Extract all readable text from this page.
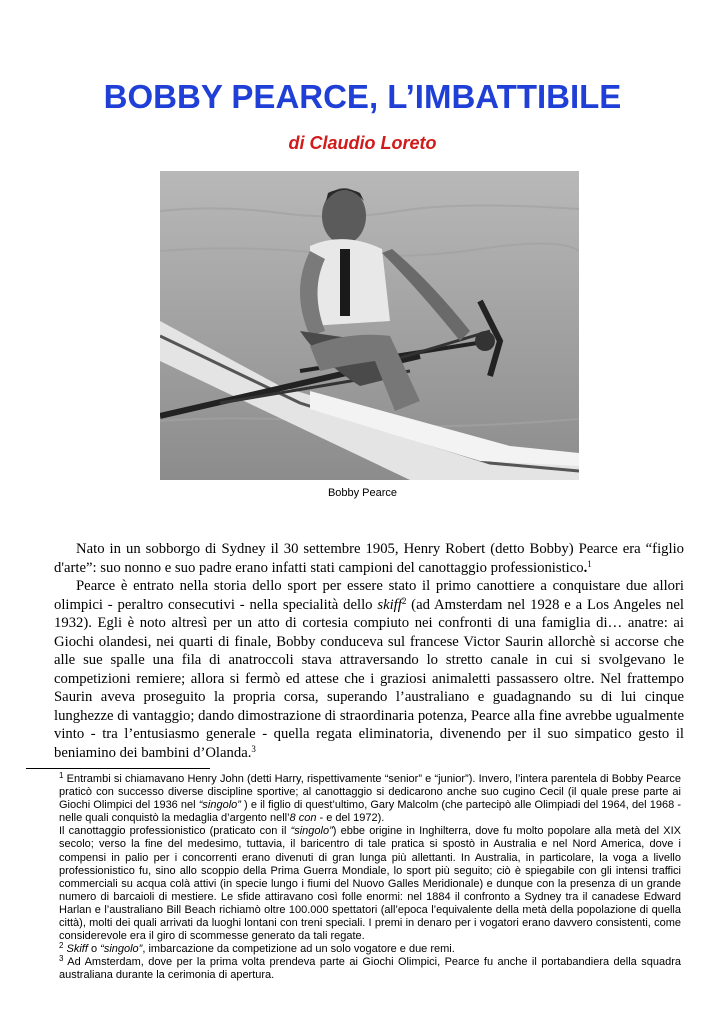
BOBBY PEARCE, L’IMBATTIBILE
di Claudio Loreto
Bobby Pearce

Nato in un sobborgo di Sydney il 30 settembre 1905, Henry Robert (detto Bobby) Pearce era “figlio d'arte”: suo nonno e suo padre erano infatti stati campioni del canottaggio professionistico.$^1$

Pearce è entrato nella storia dello sport per essere stato il primo canottiere a conquistare due allori olimpici - peraltro consecutivi - nella specialità dello skiff$^2$ (ad Amsterdam nel 1928 e a Los Angeles nel 1932). Egli è noto altresì per un atto di cortesia compiuto nei confronti di una famiglia di… anatre: ai Giochi olandesi, nei quarti di finale, Bobby conduceva sul francese Victor Saurin allorchè si accorse che alle sue spalle una fila di anatroccoli stava attraversando lo stretto canale in cui si svolgevano le competizioni remiere; allora si fermò ed attese che i graziosi animaletti passassero oltre. Nel frattempo Saurin aveva proseguito la propria corsa, superando l’australiano e guadagnando su di lui cinque lunghezze di vantaggio; dando dimostrazione di straordinaria potenza, Pearce alla fine avrebbe ugualmente vinto - tra l’entusiasmo generale - quella regata eliminatoria, divenendo per il suo simpatico gesto il beniamino dei bambini d’Olanda.$^3$

$^1$ Entrambi si chiamavano Henry John (detti Harry, rispettivamente “senior” e “junior”). Invero, l’intera parentela di Bobby Pearce praticò con successo diverse discipline sportive; al canottaggio si dedicarono anche suo cugino Cecil (il quale prese parte ai Giochi Olimpici del 1936 nel “singolo” ) e il figlio di quest’ultimo, Gary Malcolm (che partecipò alle Olimpiadi del 1964, del 1968 - nelle quali conquistò la medaglia d’argento nell’8 con - e del 1972).

Il canottaggio professionistico (praticato con il “singolo”) ebbe origine in Inghilterra, dove fu molto popolare alla metà del XIX secolo; verso la fine del medesimo, tuttavia, il baricentro di tale pratica si spostò in Australia e nel Nord America, dove i compensi in palio per i concorrenti erano divenuti di gran lunga più allettanti. In Australia, in particolare, la voga a livello professionistico fu, sino allo scoppio della Prima Guerra Mondiale, lo sport più seguito; ciò è spiegabile con gli intensi traffici commerciali su acqua colà attivi (in specie lungo i fiumi del Nuovo Galles Meridionale) e dunque con la presenza di un grande numero di barcaioli di mestiere. Le sfide attiravano così folle enormi: nel 1884 il confronto a Sydney tra il canadese Edward Harlan e l’australiano Bill Beach richiamò oltre 100.000 spettatori (all’epoca l’equivalente della metà della popolazione di quella città), molti dei quali arrivati da luoghi lontani con treni speciali. I premi in denaro per i vogatori erano davvero consistenti, come considerevole era il giro di scommesse generato da tali regate.

$^2$ Skiff o “singolo”, imbarcazione da competizione ad un solo vogatore e due remi.

$^3$ Ad Amsterdam, dove per la prima volta prendeva parte ai Giochi Olimpici, Pearce fu anche il portabandiera della squadra australiana durante la cerimonia di apertura.
